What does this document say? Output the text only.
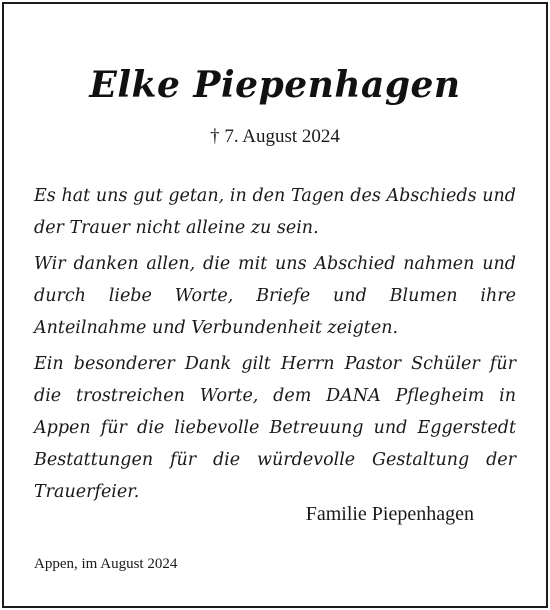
Elke Piepenhagen
† 7. August 2024

Es hat uns gut getan, in den Tagen des Abschieds und der Trauer nicht alleine zu sein.

Wir danken allen, die mit uns Abschied nahmen und durch liebe Worte, Briefe und Blumen ihre Anteilnahme und Verbundenheit zeigten.

Ein besonderer Dank gilt Herrn Pastor Schüler für die trostreichen Worte, dem DANA Pflegheim in Appen für die liebevolle Betreuung und Eggerstedt Bestattungen für die würdevolle Gestaltung der Trauerfeier.

Familie Piepenhagen
Appen, im August 2024
